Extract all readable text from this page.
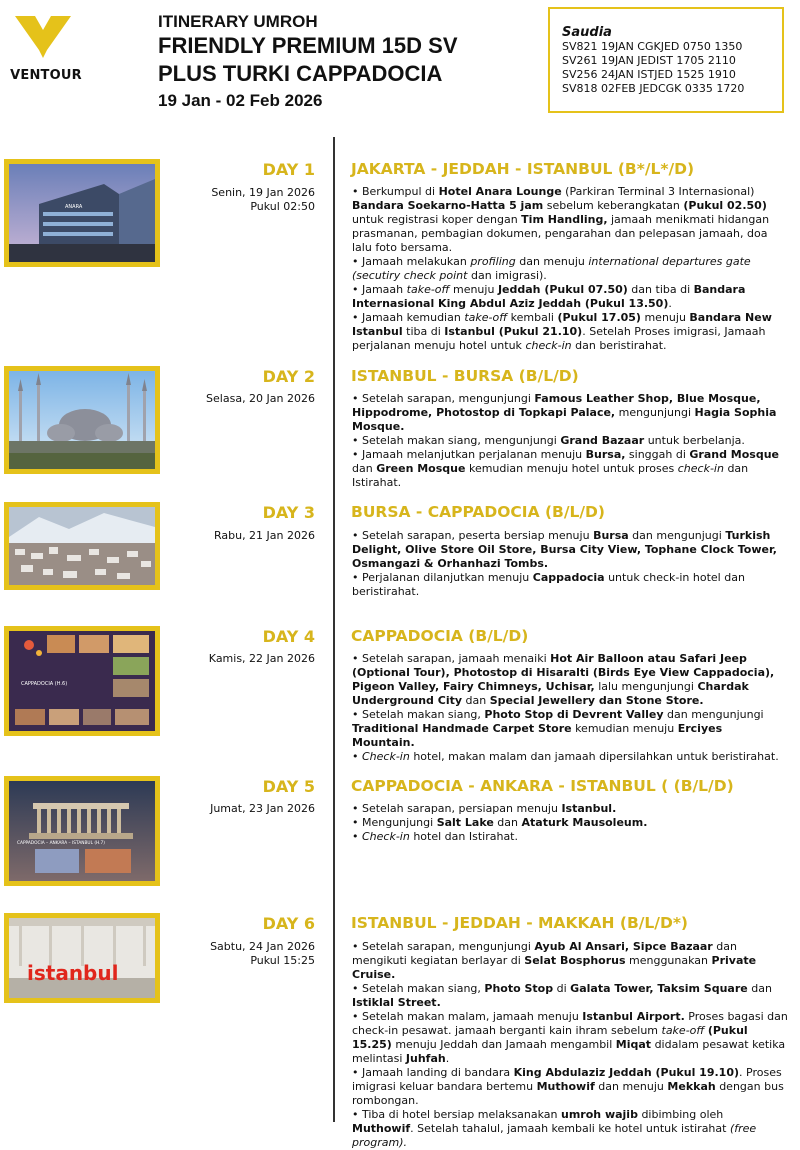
VENTOUR
ITINERARY UMROH
FRIENDLY PREMIUM 15D SV
PLUS TURKI CAPPADOCIA
19 Jan - 02 Feb 2026
Saudia
SV821 19JAN CGKJED 0750 1350
SV261 19JAN JEDIST 1705 2110
SV256 24JAN ISTJED 1525 1910
SV818 02FEB JEDCGK 0335 1720
ANARA
DAY 1
Senin, 19 Jan 2026
Pukul 02:50
JAKARTA - JEDDAH - ISTANBUL (B*/L*/D)

• Berkumpul di Hotel Anara Lounge (Parkiran Terminal 3 Internasional) Bandara Soekarno-Hatta 5 jam sebelum keberangkatan (Pukul 02.50) untuk registrasi koper dengan Tim Handling, jamaah menikmati hidangan prasmanan, pembagian dokumen, pengarahan dan pelepasan jamaah, doa lalu foto bersama.

• Jamaah melakukan profiling dan menuju international departures gate (secutiry check point dan imigrasi).

• Jamaah take-off menuju Jeddah (Pukul 07.50) dan tiba di Bandara Internasional King Abdul Aziz Jeddah (Pukul 13.50).

• Jamaah kemudian take-off kembali (Pukul 17.05) menuju Bandara New Istanbul tiba di Istanbul (Pukul 21.10). Setelah Proses imigrasi, Jamaah perjalanan menuju hotel untuk check-in dan beristirahat.

DAY 2
Selasa, 20 Jan 2026
ISTANBUL - BURSA (B/L/D)

• Setelah sarapan, mengunjungi Famous Leather Shop, Blue Mosque, Hippodrome, Photostop di Topkapi Palace, mengunjungi Hagia Sophia Mosque.

• Setelah makan siang, mengunjungi Grand Bazaar untuk berbelanja.

• Jamaah melanjutkan perjalanan menuju Bursa, singgah di Grand Mosque dan Green Mosque kemudian menuju hotel untuk proses check-in dan Istirahat.

DAY 3
Rabu, 21 Jan 2026
BURSA - CAPPADOCIA (B/L/D)

• Setelah sarapan, peserta bersiap menuju Bursa dan mengunjugi Turkish Delight, Olive Store Oil Store, Bursa City View, Tophane Clock Tower, Osmangazi & Orhanhazi Tombs.

• Perjalanan dilanjutkan menuju Cappadocia untuk check-in hotel dan beristirahat.

CAPPADOCIA (H.6)
DAY 4
Kamis, 22 Jan 2026
CAPPADOCIA (B/L/D)

• Setelah sarapan, jamaah menaiki Hot Air Balloon atau Safari Jeep (Optional Tour), Photostop di Hisaralti (Birds Eye View Cappadocia), Pigeon Valley, Fairy Chimneys, Uchisar, lalu mengunjungi Chardak Underground City dan Special Jewellery dan Stone Store.

• Setelah makan siang, Photo Stop di Devrent Valley dan mengunjungi Traditional Handmade Carpet Store kemudian menuju Erciyes Mountain.

• Check-in hotel, makan malam dan jamaah dipersilahkan untuk beristirahat.

CAPPADOCIA – ANKARA – ISTANBUL (H.7)
DAY 5
Jumat, 23 Jan 2026
CAPPADOCIA - ANKARA - ISTANBUL ( (B/L/D)

• Setelah sarapan, persiapan menuju Istanbul.

• Mengunjungi Salt Lake dan Ataturk Mausoleum.

• Check-in hotel dan Istirahat.

istanbul
DAY 6
Sabtu, 24 Jan 2026
Pukul 15:25
ISTANBUL - JEDDAH - MAKKAH (B/L/D*)

• Setelah sarapan, mengunjungi Ayub Al Ansari, Sipce Bazaar dan mengikuti kegiatan berlayar di Selat Bosphorus menggunakan Private Cruise.

• Setelah makan siang, Photo Stop di Galata Tower, Taksim Square dan Istiklal Street.

• Setelah makan malam, jamaah menuju Istanbul Airport. Proses bagasi dan check-in pesawat. jamaah berganti kain ihram sebelum take-off (Pukul 15.25) menuju Jeddah dan Jamaah mengambil Miqat didalam pesawat ketika melintasi Juhfah.

• Jamaah landing di bandara King Abdulaziz Jeddah (Pukul 19.10). Proses imigrasi keluar bandara bertemu Muthowif dan menuju Mekkah dengan bus rombongan.

• Tiba di hotel bersiap melaksanakan umroh wajib dibimbing oleh Muthowif. Setelah tahalul, jamaah kembali ke hotel untuk istirahat (free program).
